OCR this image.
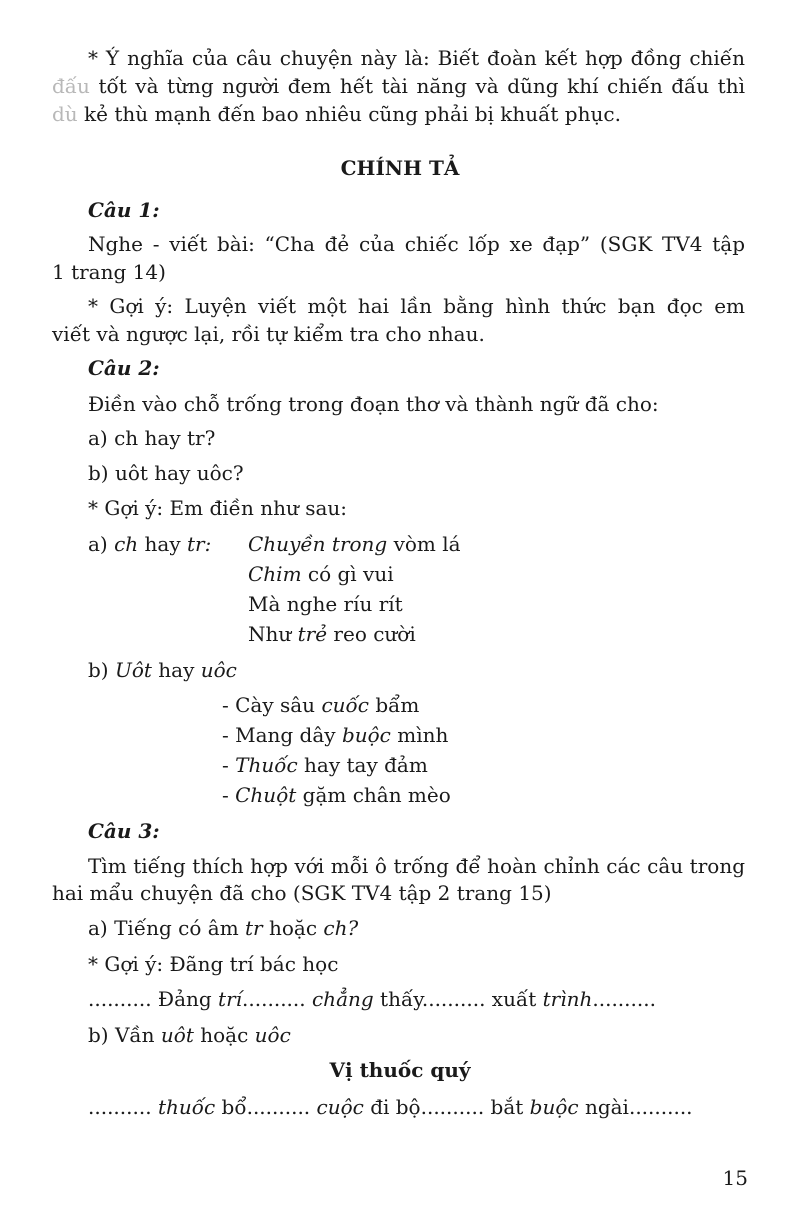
* Ý nghĩa của câu chuyện này là: Biết đoàn kết hợp đồng chiến
đấu tốt và từng người đem hết tài năng và dũng khí chiến đấu thì
dù kẻ thù mạnh đến bao nhiêu cũng phải bị khuất phục.
CHÍNH TẢ
Câu 1:
Nghe - viết bài: “Cha đẻ của chiếc lốp xe đạp” (SGK TV4 tập
1 trang 14)
* Gợi ý: Luyện viết một hai lần bằng hình thức bạn đọc em
viết và ngược lại, rồi tự kiểm tra cho nhau.
Câu 2:
Điền vào chỗ trống trong đoạn thơ và thành ngữ đã cho:
a) ch hay tr?
b) uôt hay uôc?
* Gợi ý: Em điền như sau:
a) ch hay tr: Chuyền trong vòm lá
Chim có gì vui
Mà nghe ríu rít
Như trẻ reo cười
b) Uôt hay uôc
- Cày sâu cuốc bẩm
- Mang dây buộc mình
- Thuốc hay tay đảm
- Chuột gặm chân mèo
Câu 3:
Tìm tiếng thích hợp với mỗi ô trống để hoàn chỉnh các câu trong
hai mẩu chuyện đã cho (SGK TV4 tập 2 trang 15)
a) Tiếng có âm tr hoặc ch?
* Gợi ý: Đãng trí bác học
.......... Đảng trí.......... chẳng thấy.......... xuất trình..........
b) Vần uôt hoặc uôc
Vị thuốc quý
.......... thuốc bổ.......... cuộc đi bộ.......... bắt buộc ngài..........
15
